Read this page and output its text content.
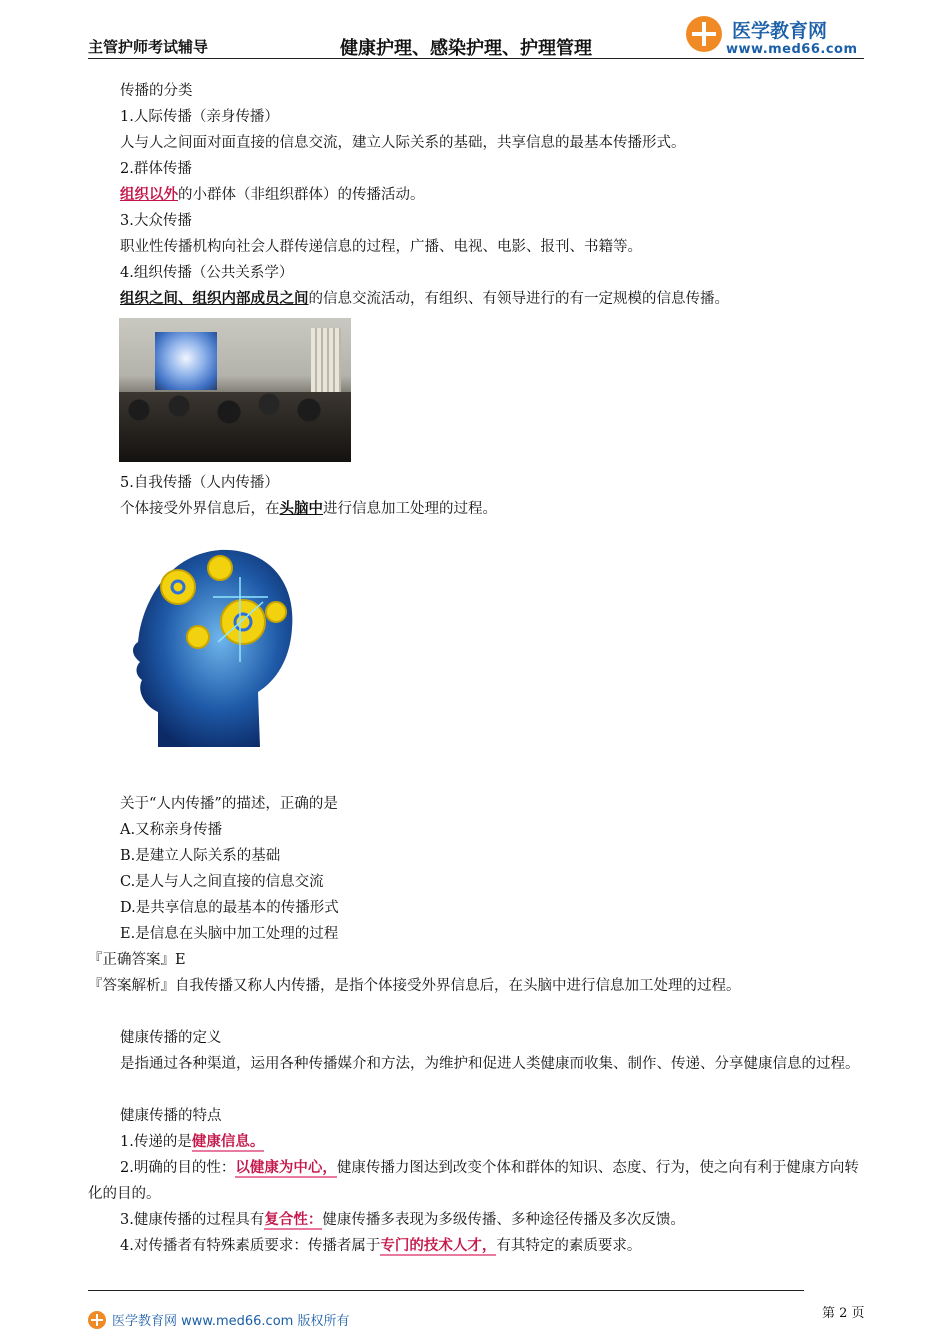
主管护师考试辅导	健康护理、感染护理、护理管理
医学教育网
www.med66.com
传播的分类
1.人际传播（亲身传播）
人与人之间面对面直接的信息交流，建立人际关系的基础，共享信息的最基本传播形式。
2.群体传播
组织以外的小群体（非组织群体）的传播活动。
3.大众传播
职业性传播机构向社会人群传递信息的过程，广播、电视、电影、报刊、书籍等。
4.组织传播（公共关系学）
组织之间、组织内部成员之间的信息交流活动，有组织、有领导进行的有一定规模的信息传播。
5.自我传播（人内传播）
个体接受外界信息后，在头脑中进行信息加工处理的过程。
关于“人内传播”的描述，正确的是
A.又称亲身传播
B.是建立人际关系的基础
C.是人与人之间直接的信息交流
D.是共享信息的最基本的传播形式
E.是信息在头脑中加工处理的过程
『正确答案』E
『答案解析』自我传播又称人内传播，是指个体接受外界信息后，在头脑中进行信息加工处理的过程。
健康传播的定义
是指通过各种渠道，运用各种传播媒介和方法，为维护和促进人类健康而收集、制作、传递、分享健康信息的过程。
健康传播的特点
1.传递的是健康信息。
2.明确的目的性：以健康为中心，健康传播力图达到改变个体和群体的知识、态度、行为，使之向有利于健康方向转化的目的。
3.健康传播的过程具有复合性：健康传播多表现为多级传播、多种途径传播及多次反馈。
4.对传播者有特殊素质要求：传播者属于专门的技术人才，有其特定的素质要求。
医学教育网 www.med66.com 版权所有
第 2 页
